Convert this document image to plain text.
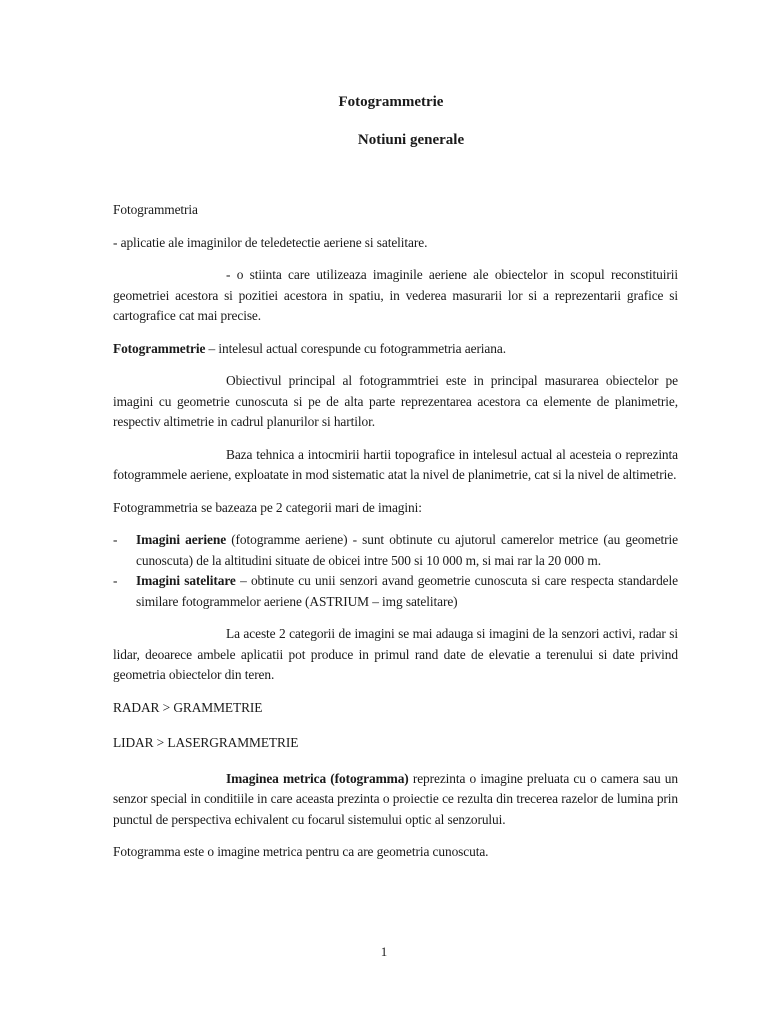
Fotogrammetrie
Notiuni generale

Fotogrammetria

- aplicatie ale imaginilor de teledetectie aeriene si satelitare.

- o stiinta care utilizeaza imaginile aeriene ale obiectelor in scopul reconstituirii geometriei acestora si pozitiei acestora in spatiu, in vederea masurarii lor si a reprezentarii grafice si cartografice cat mai precise.

Fotogrammetrie – intelesul actual corespunde cu fotogrammetria aeriana.

Obiectivul principal al fotogrammtriei este in principal masurarea obiectelor pe imagini cu geometrie cunoscuta si pe de alta parte reprezentarea acestora ca elemente de planimetrie, respectiv altimetrie in cadrul planurilor si hartilor.

Baza tehnica a intocmirii hartii topografice in intelesul actual al acesteia o reprezinta fotogrammele aeriene, exploatate in mod sistematic atat la nivel de planimetrie, cat si la nivel de altimetrie.

Fotogrammetria se bazeaza pe 2 categorii mari de imagini:

- Imagini aeriene (fotogramme aeriene) - sunt obtinute cu ajutorul camerelor metrice (au geometrie cunoscuta) de la altitudini situate de obicei intre 500 si 10 000 m, si mai rar la 20 000 m.
- Imagini satelitare – obtinute cu unii senzori avand geometrie cunoscuta si care respecta standardele similare fotogrammelor aeriene (ASTRIUM – img satelitare)

La aceste 2 categorii de imagini se mai adauga si imagini de la senzori activi, radar si lidar, deoarece ambele aplicatii pot produce in primul rand date de elevatie a terenului si date privind geometria obiectelor din teren.

RADAR > GRAMMETRIE

LIDAR > LASERGRAMMETRIE

Imaginea metrica (fotogramma) reprezinta o imagine preluata cu o camera sau un senzor special in conditiile in care aceasta prezinta o proiectie ce rezulta din trecerea razelor de lumina prin punctul de perspectiva echivalent cu focarul sistemului optic al senzorului.

Fotogramma este o imagine metrica pentru ca are geometria cunoscuta.

1
